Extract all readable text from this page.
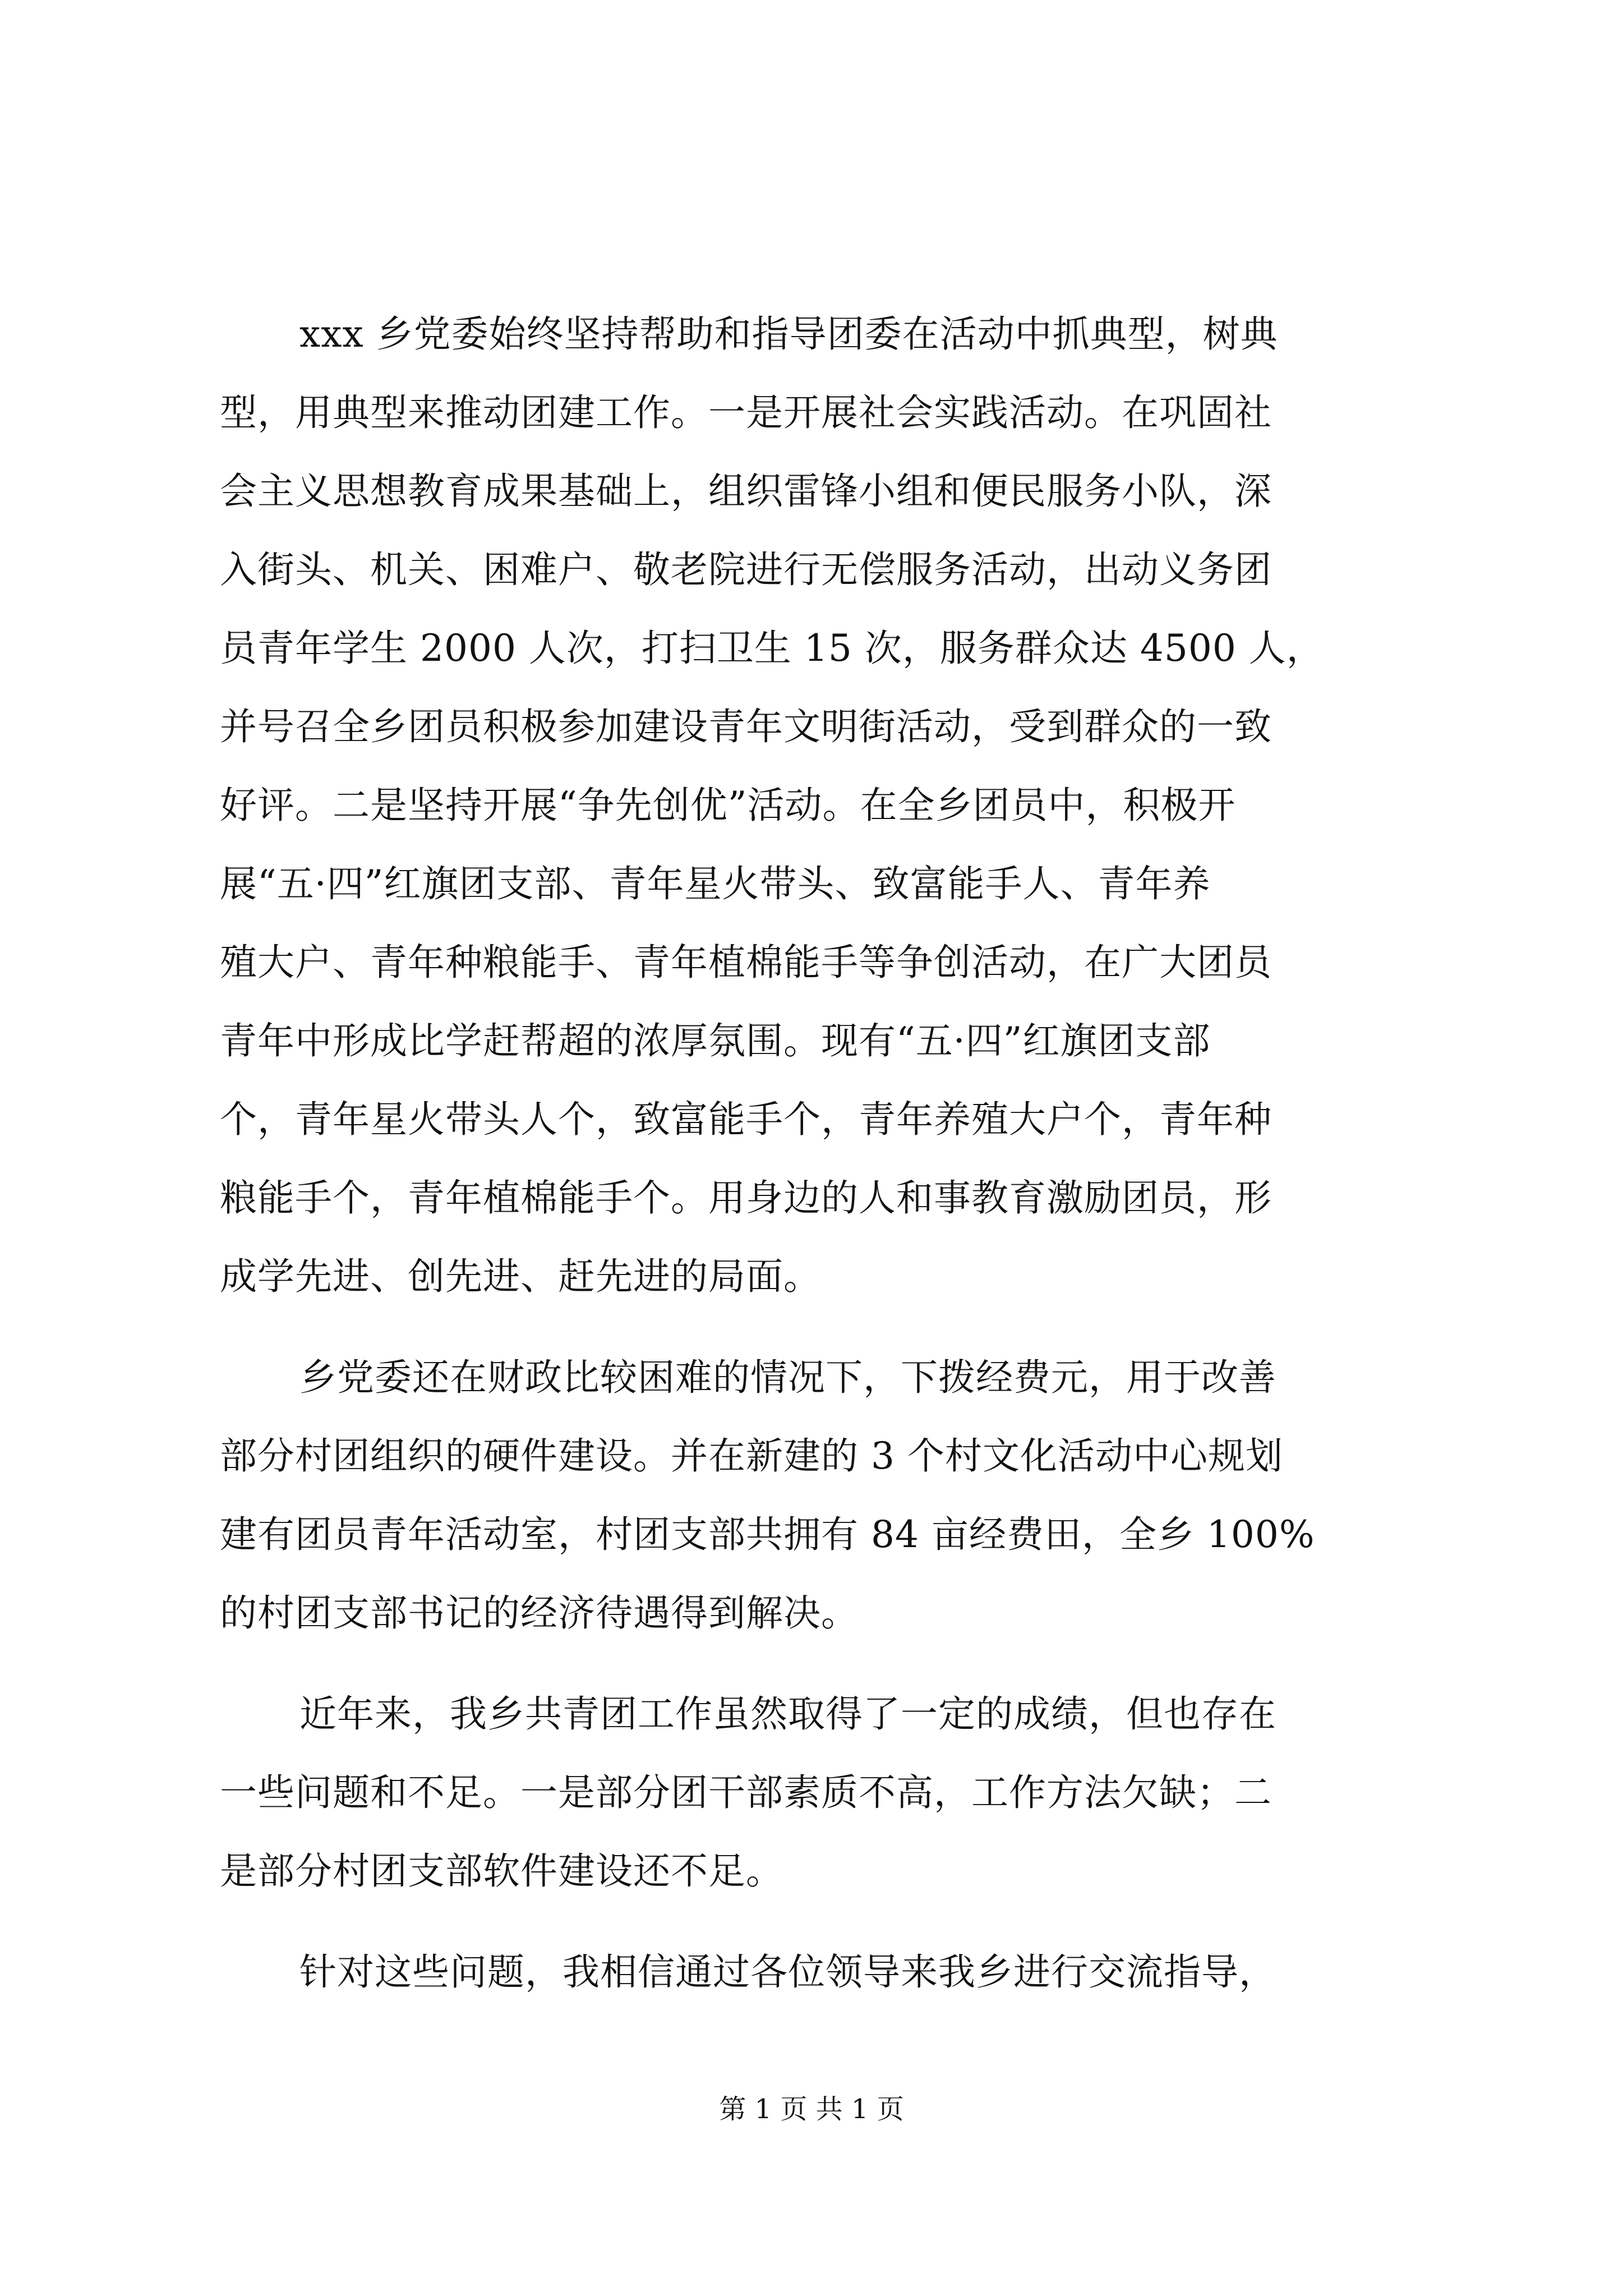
xxx 乡党委始终坚持帮助和指导团委在活动中抓典型，树典
型，用典型来推动团建工作。一是开展社会实践活动。在巩固社
会主义思想教育成果基础上，组织雷锋小组和便民服务小队，深
入街头、机关、困难户、敬老院进行无偿服务活动，出动义务团
员青年学生 2000 人次，打扫卫生 15 次，服务群众达 4500 人，
并号召全乡团员积极参加建设青年文明街活动，受到群众的一致
好评。二是坚持开展“争先创优”活动。在全乡团员中，积极开
展“五·四”红旗团支部、青年星火带头、致富能手人、青年养
殖大户、青年种粮能手、青年植棉能手等争创活动，在广大团员
青年中形成比学赶帮超的浓厚氛围。现有“五·四”红旗团支部
个，青年星火带头人个，致富能手个，青年养殖大户个，青年种
粮能手个，青年植棉能手个。用身边的人和事教育激励团员，形
成学先进、创先进、赶先进的局面。
乡党委还在财政比较困难的情况下，下拨经费元，用于改善
部分村团组织的硬件建设。并在新建的 3 个村文化活动中心规划
建有团员青年活动室，村团支部共拥有 84 亩经费田，全乡 100%
的村团支部书记的经济待遇得到解决。
近年来，我乡共青团工作虽然取得了一定的成绩，但也存在
一些问题和不足。一是部分团干部素质不高，工作方法欠缺；二
是部分村团支部软件建设还不足。
针对这些问题，我相信通过各位领导来我乡进行交流指导，
第 1 页 共 1 页
